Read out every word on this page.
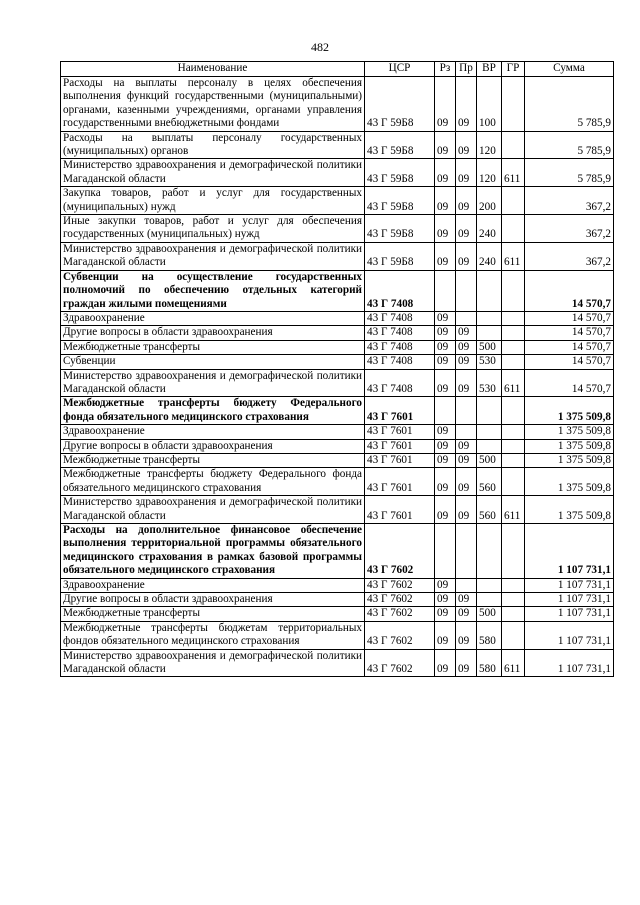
482
Наименование	ЦСР	Рз	Пр	ВР	ГР	Сумма
Расходы на выплаты персоналу в целях обеспечения выполнения функций государственными (муниципальными) органами, казенными учреждениями, органами управления государственными внебюджетными фондами	43 Г 59Б8	09	09	100		5 785,9
Расходы на выплаты персоналу государственных (муниципальных) органов	43 Г 59Б8	09	09	120		5 785,9
Министерство здравоохранения и демографической политики Магаданской области	43 Г 59Б8	09	09	120	611	5 785,9
Закупка товаров, работ и услуг для государственных (муниципальных) нужд	43 Г 59Б8	09	09	200		367,2
Иные закупки товаров, работ и услуг для обеспечения государственных (муниципальных) нужд	43 Г 59Б8	09	09	240		367,2
Министерство здравоохранения и демографической политики Магаданской области	43 Г 59Б8	09	09	240	611	367,2
Субвенции на осуществление государственных полномочий по обеспечению отдельных категорий граждан жилыми помещениями	43 Г 7408					14 570,7
Здравоохранение	43 Г 7408	09				14 570,7
Другие вопросы в области здравоохранения	43 Г 7408	09	09			14 570,7
Межбюджетные трансферты	43 Г 7408	09	09	500		14 570,7
Субвенции	43 Г 7408	09	09	530		14 570,7
Министерство здравоохранения и демографической политики Магаданской области	43 Г 7408	09	09	530	611	14 570,7
Межбюджетные трансферты бюджету Федерального фонда обязательного медицинского страхования	43 Г 7601					1 375 509,8
Здравоохранение	43 Г 7601	09				1 375 509,8
Другие вопросы в области здравоохранения	43 Г 7601	09	09			1 375 509,8
Межбюджетные трансферты	43 Г 7601	09	09	500		1 375 509,8
Межбюджетные трансферты бюджету Федерального фонда обязательного медицинского страхования	43 Г 7601	09	09	560		1 375 509,8
Министерство здравоохранения и демографической политики Магаданской области	43 Г 7601	09	09	560	611	1 375 509,8
Расходы на дополнительное финансовое обеспечение выполнения территориальной программы обязательного медицинского страхования в рамках базовой программы обязательного медицинского страхования	43 Г 7602					1 107 731,1
Здравоохранение	43 Г 7602	09				1 107 731,1
Другие вопросы в области здравоохранения	43 Г 7602	09	09			1 107 731,1
Межбюджетные трансферты	43 Г 7602	09	09	500		1 107 731,1
Межбюджетные трансферты бюджетам территориальных фондов обязательного медицинского страхования	43 Г 7602	09	09	580		1 107 731,1
Министерство здравоохранения и демографической политики Магаданской области	43 Г 7602	09	09	580	611	1 107 731,1
